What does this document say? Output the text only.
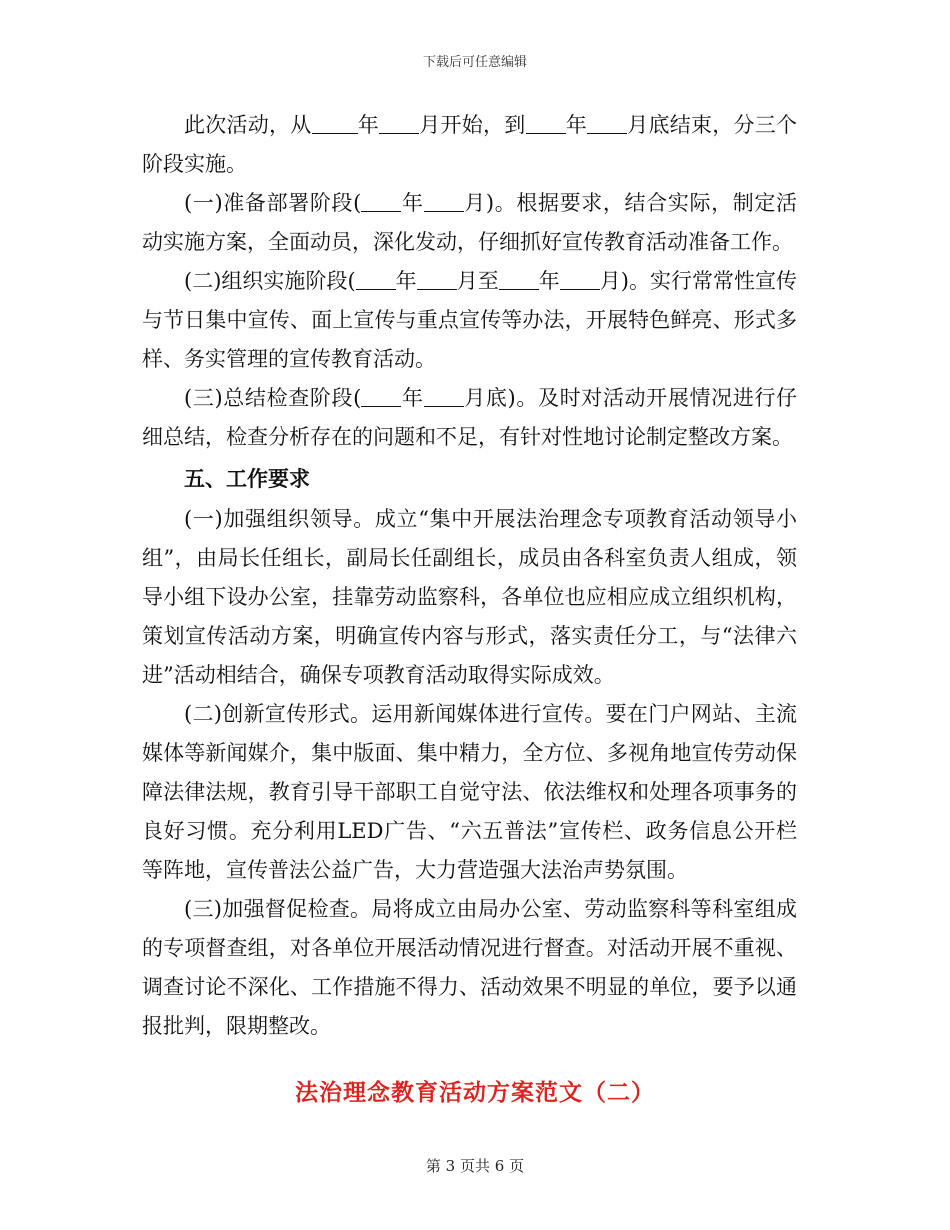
下载后可任意编辑

此次活动，从 年 月开始，到 年 月底结束，分三个阶段实施。

(一)准备部署阶段( 年 月)。根据要求，结合实际，制定活动实施方案，全面动员，深化发动，仔细抓好宣传教育活动准备工作。

(二)组织实施阶段( 年 月至 年 月)。实行常常性宣传与节日集中宣传、面上宣传与重点宣传等办法，开展特色鲜亮、形式多样、务实管理的宣传教育活动。

(三)总结检查阶段( 年 月底)。及时对活动开展情况进行仔细总结，检查分析存在的问题和不足，有针对性地讨论制定整改方案。

五、工作要求

(一)加强组织领导。成立“集中开展法治理念专项教育活动领导小组”，由局长任组长，副局长任副组长，成员由各科室负责人组成，领导小组下设办公室，挂靠劳动监察科，各单位也应相应成立组织机构，策划宣传活动方案，明确宣传内容与形式，落实责任分工，与“法律六进”活动相结合，确保专项教育活动取得实际成效。

(二)创新宣传形式。运用新闻媒体进行宣传。要在门户网站、主流媒体等新闻媒介，集中版面、集中精力，全方位、多视角地宣传劳动保障法律法规，教育引导干部职工自觉守法、依法维权和处理各项事务的良好习惯。充分利用LED广告、“六五普法”宣传栏、政务信息公开栏等阵地，宣传普法公益广告，大力营造强大法治声势氛围。

(三)加强督促检查。局将成立由局办公室、劳动监察科等科室组成的专项督查组，对各单位开展活动情况进行督查。对活动开展不重视、调查讨论不深化、工作措施不得力、活动效果不明显的单位，要予以通报批判，限期整改。

法治理念教育活动方案范文（二）
第 3 页共 6 页
